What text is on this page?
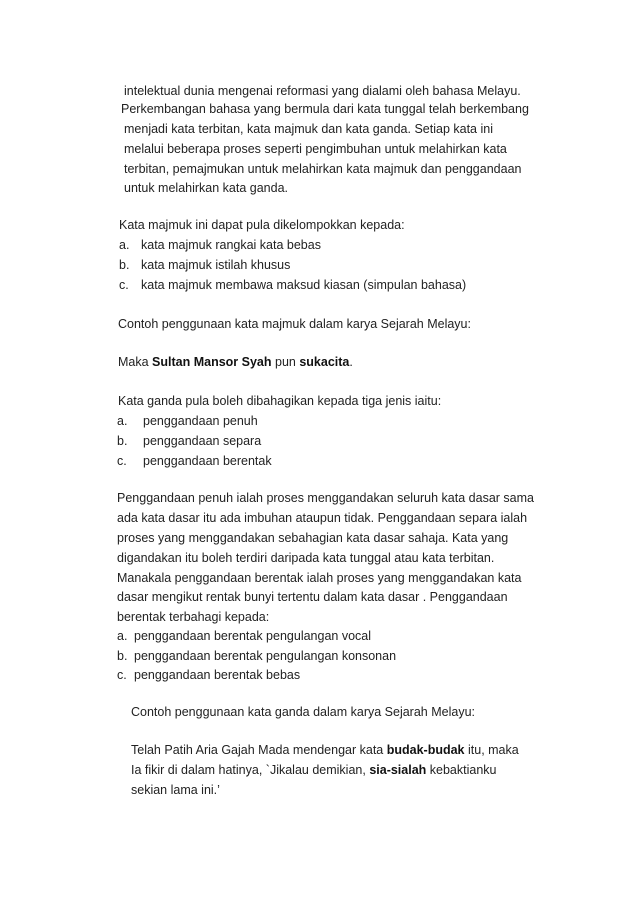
intelektual dunia mengenai reformasi yang dialami oleh bahasa Melayu.
Perkembangan bahasa yang bermula dari kata tunggal telah berkembang
menjadi kata terbitan, kata majmuk dan kata ganda. Setiap kata ini
melalui beberapa proses seperti pengimbuhan untuk melahirkan kata
terbitan, pemajmukan untuk melahirkan kata majmuk dan penggandaan
untuk melahirkan kata ganda.
Kata majmuk ini dapat pula dikelompokkan kepada:
a. kata majmuk rangkai kata bebas
b. kata majmuk istilah khusus
c. kata majmuk membawa maksud kiasan (simpulan bahasa)
Contoh penggunaan kata majmuk dalam karya Sejarah Melayu:
Maka Sultan Mansor Syah pun sukacita.
Kata ganda pula boleh dibahagikan kepada tiga jenis iaitu:
a. penggandaan penuh
b. penggandaan separa
c. penggandaan berentak
Penggandaan penuh ialah proses menggandakan seluruh kata dasar sama
ada kata dasar itu ada imbuhan ataupun tidak. Penggandaan separa ialah
proses yang menggandakan sebahagian kata dasar sahaja. Kata yang
digandakan itu boleh terdiri daripada kata tunggal atau kata terbitan.
Manakala penggandaan berentak ialah proses yang menggandakan kata
dasar mengikut rentak bunyi tertentu dalam kata dasar . Penggandaan
berentak terbahagi kepada:
a. penggandaan berentak pengulangan vocal
b. penggandaan berentak pengulangan konsonan
c. penggandaan berentak bebas
Contoh penggunaan kata ganda dalam karya Sejarah Melayu:
Telah Patih Aria Gajah Mada mendengar kata budak-budak itu, maka
Ia fikir di dalam hatinya, `Jikalau demikian, sia-sialah kebaktianku
sekian lama ini.’
